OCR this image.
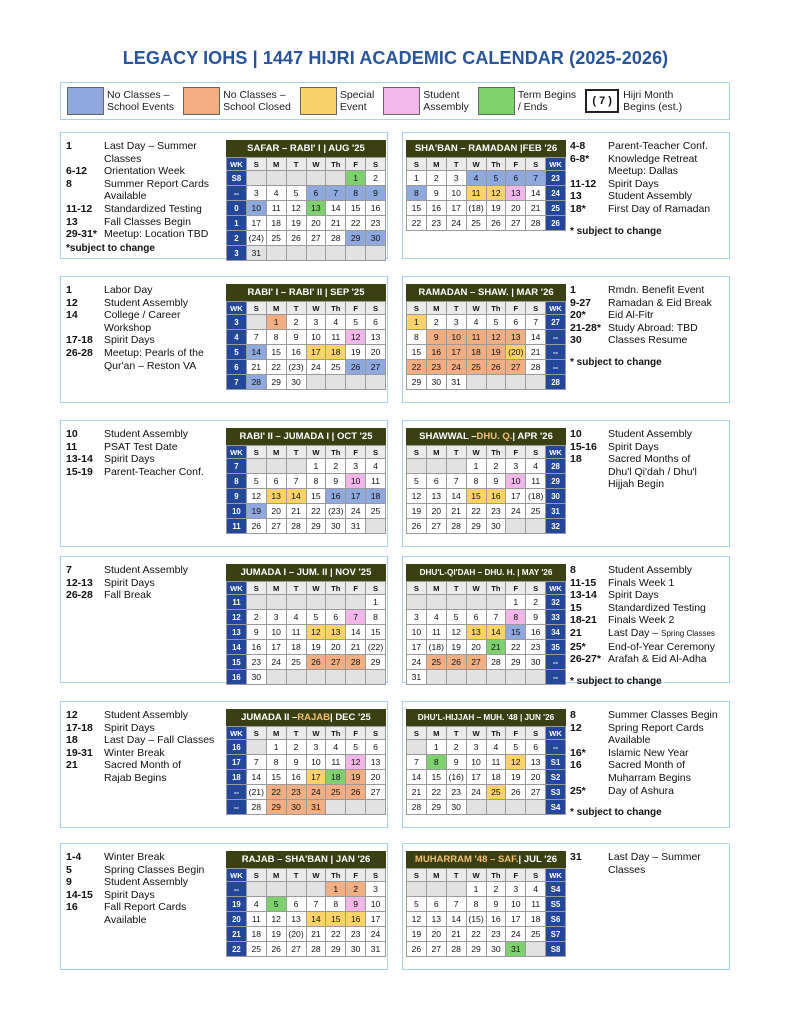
LEGACY IOHS | 1447 HIJRI ACADEMIC CALENDAR (2025-2026)
No Classes –
School Events
No Classes –
School Closed
Special
Event
Student
Assembly
Term Begins
/ Ends	( 7 )	Hijri Month
Begins (est.)
1	Last Day – Summer
Classes
6-12	Orientation Week
8	Summer Report Cards
Available
11-12	Standardized Testing
13	Fall Classes Begin
29-31* Meetup: Location TBD
*subject to change
SAFAR – RABI' I | AUG '25
WK	S	M	T	W	Th	F	S
S8						1	2
--	3	4	5	6	7	8	9
0	10	11	12	13	14	15	16
1	17	18	19	20	21	22	23
2	(24)	25	26	27	28	29	30
3	31						
SHA'BAN – RAMADAN |FEB '26
S	M	T	W	Th	F	S	WK
1	2	3	4	5	6	7	23
8	9	10	11	12	13	14	24
15	16	17	(18)	19	20	21	25
22	23	24	25	26	27	28	26
4-8	Parent-Teacher Conf.
6-8*	Knowledge Retreat
Meetup: Dallas
11-12	Spirit Days
13	Student Assembly
18*	First Day of Ramadan
* subject to change
1	Labor Day
12	Student Assembly
14	College / Career
Workshop
17-18	Spirit Days
26-28	Meetup: Pearls of the
Qur'an – Reston VA
RABI' I – RABI' II | SEP '25
WK	S	M	T	W	Th	F	S
3		1	2	3	4	5	6
4	7	8	9	10	11	12	13
5	14	15	16	17	18	19	20
6	21	22	(23)	24	25	26	27
7	28	29	30				
RAMADAN – SHAW. | MAR '26
S	M	T	W	Th	F	S	WK
1	2	3	4	5	6	7	27
8	9	10	11	12	13	14	--
15	16	17	18	19	(20)	21	--
22	23	24	25	26	27	28	--
29	30	31					28
1	Rmdn. Benefit Event
9-27	Ramadan & Eid Break
20*	Eid Al-Fitr
21-28* Study Abroad: TBD
30	Classes Resume
* subject to change
10	Student Assembly
11	PSAT Test Date
13-14	Spirit Days
15-19	Parent-Teacher Conf.
RABI' II – JUMADA I | OCT '25
WK	S	M	T	W	Th	F	S
7				1	2	3	4
8	5	6	7	8	9	10	11
9	12	13	14	15	16	17	18
10	19	20	21	22	(23)	24	25
11	26	27	28	29	30	31	
SHAWWAL – DHU. Q. | APR '26
S	M	T	W	Th	F	S	WK
			1	2	3	4	28
5	6	7	8	9	10	11	29
12	13	14	15	16	17	(18)	30
19	20	21	22	23	24	25	31
26	27	28	29	30			32
10	Student Assembly
15-16	Spirit Days
18	Sacred Months of
Dhu'l Qi'dah / Dhu'l
Hijjah Begin
7	Student Assembly
12-13	Spirit Days
26-28	Fall Break
JUMADA I – JUM. II | NOV '25
WK	S	M	T	W	Th	F	S
11							1
12	2	3	4	5	6	7	8
13	9	10	11	12	13	14	15
14	16	17	18	19	20	21	(22)
15	23	24	25	26	27	28	29
16	30						
DHU'L-QI'DAH – DHU. H. | MAY '26
S	M	T	W	Th	F	S	WK
					1	2	32
3	4	5	6	7	8	9	33
10	11	12	13	14	15	16	34
17	(18)	19	20	21	22	23	35
24	25	26	27	28	29	30	--
31							--
8	Student Assembly
11-15	Finals Week 1
13-14	Spirit Days
15	Standardized Testing
18-21	Finals Week 2
21	Last Day – Spring Classes
25*	End-of-Year Ceremony
26-27* Arafah & Eid Al-Adha
* subject to change
12	Student Assembly
17-18	Spirit Days
18	Last Day – Fall Classes
19-31	Winter Break
21	Sacred Month of
Rajab Begins
JUMADA II – RAJAB | DEC '25
WK	S	M	T	W	Th	F	S
16		1	2	3	4	5	6
17	7	8	9	10	11	12	13
18	14	15	16	17	18	19	20
--	(21)	22	23	24	25	26	27
--	28	29	30	31			
DHU'L-HIJJAH – MUH. '48 | JUN '26
S	M	T	W	Th	F	S	WK
	1	2	3	4	5	6	--
7	8	9	10	11	12	13	S1
14	15	(16)	17	18	19	20	S2
21	22	23	24	25	26	27	S3
28	29	30					S4
8	Summer Classes Begin
12	Spring Report Cards
Available
16*	Islamic New Year
16	Sacred Month of
Muharram Begins
25*	Day of Ashura
* subject to change
1-4	Winter Break
5	Spring Classes Begin
9	Student Assembly
14-15	Spirit Days
16	Fall Report Cards
Available
RAJAB – SHA'BAN | JAN '26
WK	S	M	T	W	Th	F	S
--					1	2	3
19	4	5	6	7	8	9	10
20	11	12	13	14	15	16	17
21	18	19	(20)	21	22	23	24
22	25	26	27	28	29	30	31
MUHARRAM '48 – SAF. | JUL '26
S	M	T	W	Th	F	S	WK
			1	2	3	4	S4
5	6	7	8	9	10	11	S5
12	13	14	(15)	16	17	18	S6
19	20	21	22	23	24	25	S7
26	27	28	29	30	31		S8
31	Last Day – Summer
Classes
